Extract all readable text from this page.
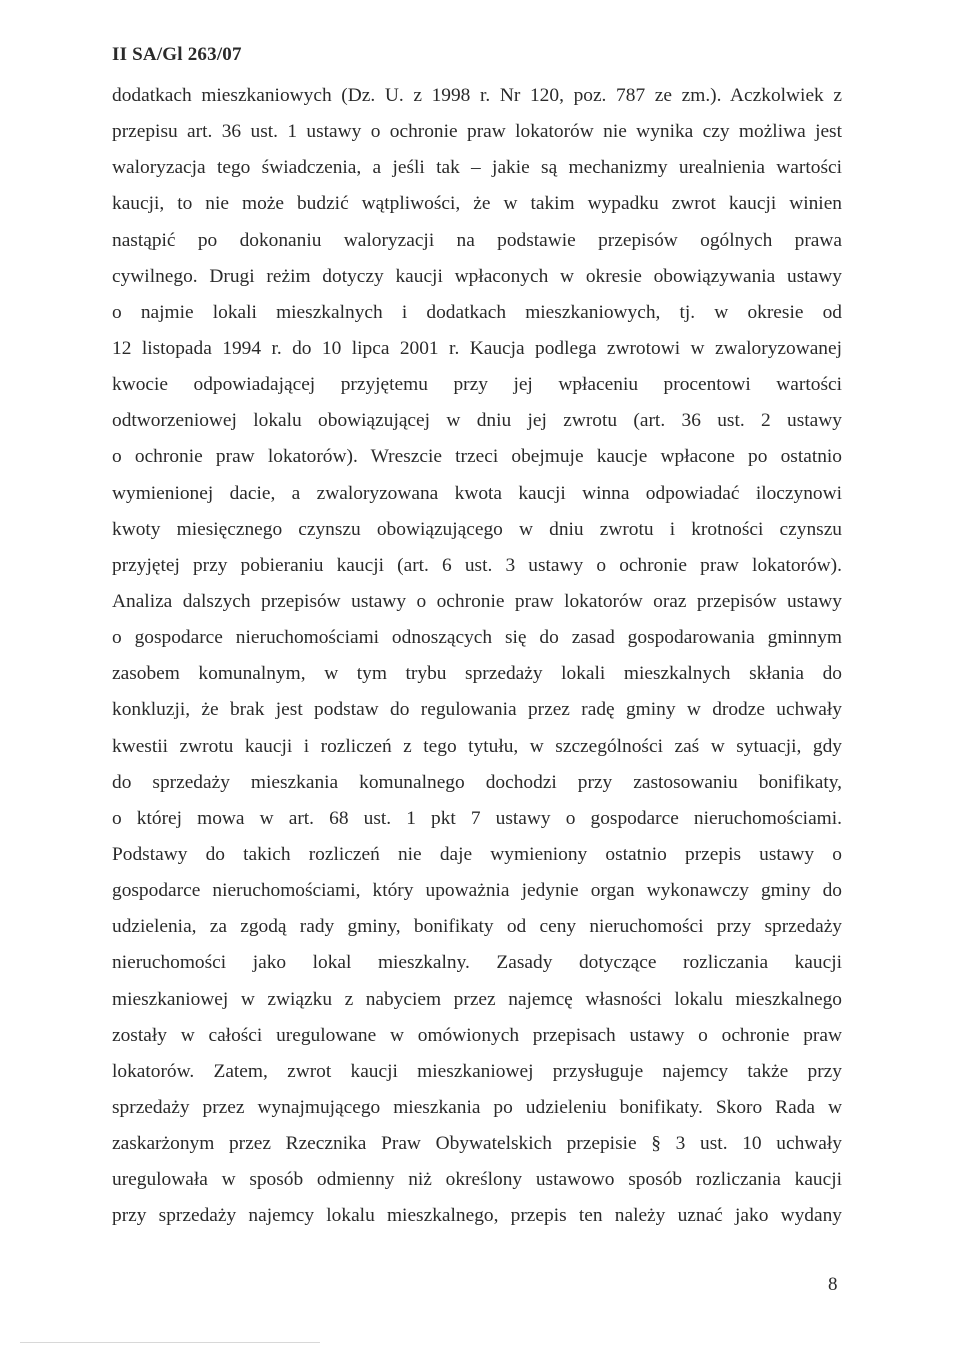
II SA/Gl 263/07
dodatkach mieszkaniowych (Dz. U. z 1998 r. Nr 120, poz. 787 ze zm.). Aczkolwiek z
przepisu art. 36 ust. 1 ustawy o ochronie praw lokatorów nie wynika czy możliwa jest
waloryzacja tego świadczenia, a jeśli tak – jakie są mechanizmy urealnienia wartości
kaucji, to nie może budzić wątpliwości, że w takim wypadku zwrot kaucji winien
nastąpić po dokonaniu waloryzacji na podstawie przepisów ogólnych prawa
cywilnego. Drugi reżim dotyczy kaucji wpłaconych w okresie obowiązywania ustawy
o najmie lokali mieszkalnych i dodatkach mieszkaniowych, tj. w okresie od
12 listopada 1994 r. do 10 lipca 2001 r. Kaucja podlega zwrotowi w zwaloryzowanej
kwocie odpowiadającej przyjętemu przy jej wpłaceniu procentowi wartości
odtworzeniowej lokalu obowiązującej w dniu jej zwrotu (art. 36 ust. 2 ustawy
o ochronie praw lokatorów). Wreszcie trzeci obejmuje kaucje wpłacone po ostatnio
wymienionej dacie, a zwaloryzowana kwota kaucji winna odpowiadać iloczynowi
kwoty miesięcznego czynszu obowiązującego w dniu zwrotu i krotności czynszu
przyjętej przy pobieraniu kaucji (art. 6 ust. 3 ustawy o ochronie praw lokatorów).
Analiza dalszych przepisów ustawy o ochronie praw lokatorów oraz przepisów ustawy
o gospodarce nieruchomościami odnoszących się do zasad gospodarowania gminnym
zasobem komunalnym, w tym trybu sprzedaży lokali mieszkalnych skłania do
konkluzji, że brak jest podstaw do regulowania przez radę gminy w drodze uchwały
kwestii zwrotu kaucji i rozliczeń z tego tytułu, w szczególności zaś w sytuacji, gdy
do sprzedaży mieszkania komunalnego dochodzi przy zastosowaniu bonifikaty,
o której mowa w art. 68 ust. 1 pkt 7 ustawy o gospodarce nieruchomościami.
Podstawy do takich rozliczeń nie daje wymieniony ostatnio przepis ustawy o
gospodarce nieruchomościami, który upoważnia jedynie organ wykonawczy gminy do
udzielenia, za zgodą rady gminy, bonifikaty od ceny nieruchomości przy sprzedaży
nieruchomości jako lokal mieszkalny. Zasady dotyczące rozliczania kaucji
mieszkaniowej w związku z nabyciem przez najemcę własności lokalu mieszkalnego
zostały w całości uregulowane w omówionych przepisach ustawy o ochronie praw
lokatorów. Zatem, zwrot kaucji mieszkaniowej przysługuje najemcy także przy
sprzedaży przez wynajmującego mieszkania po udzieleniu bonifikaty. Skoro Rada w
zaskarżonym przez Rzecznika Praw Obywatelskich przepisie § 3 ust. 10 uchwały
uregulowała w sposób odmienny niż określony ustawowo sposób rozliczania kaucji
przy sprzedaży najemcy lokalu mieszkalnego, przepis ten należy uznać jako wydany
8
